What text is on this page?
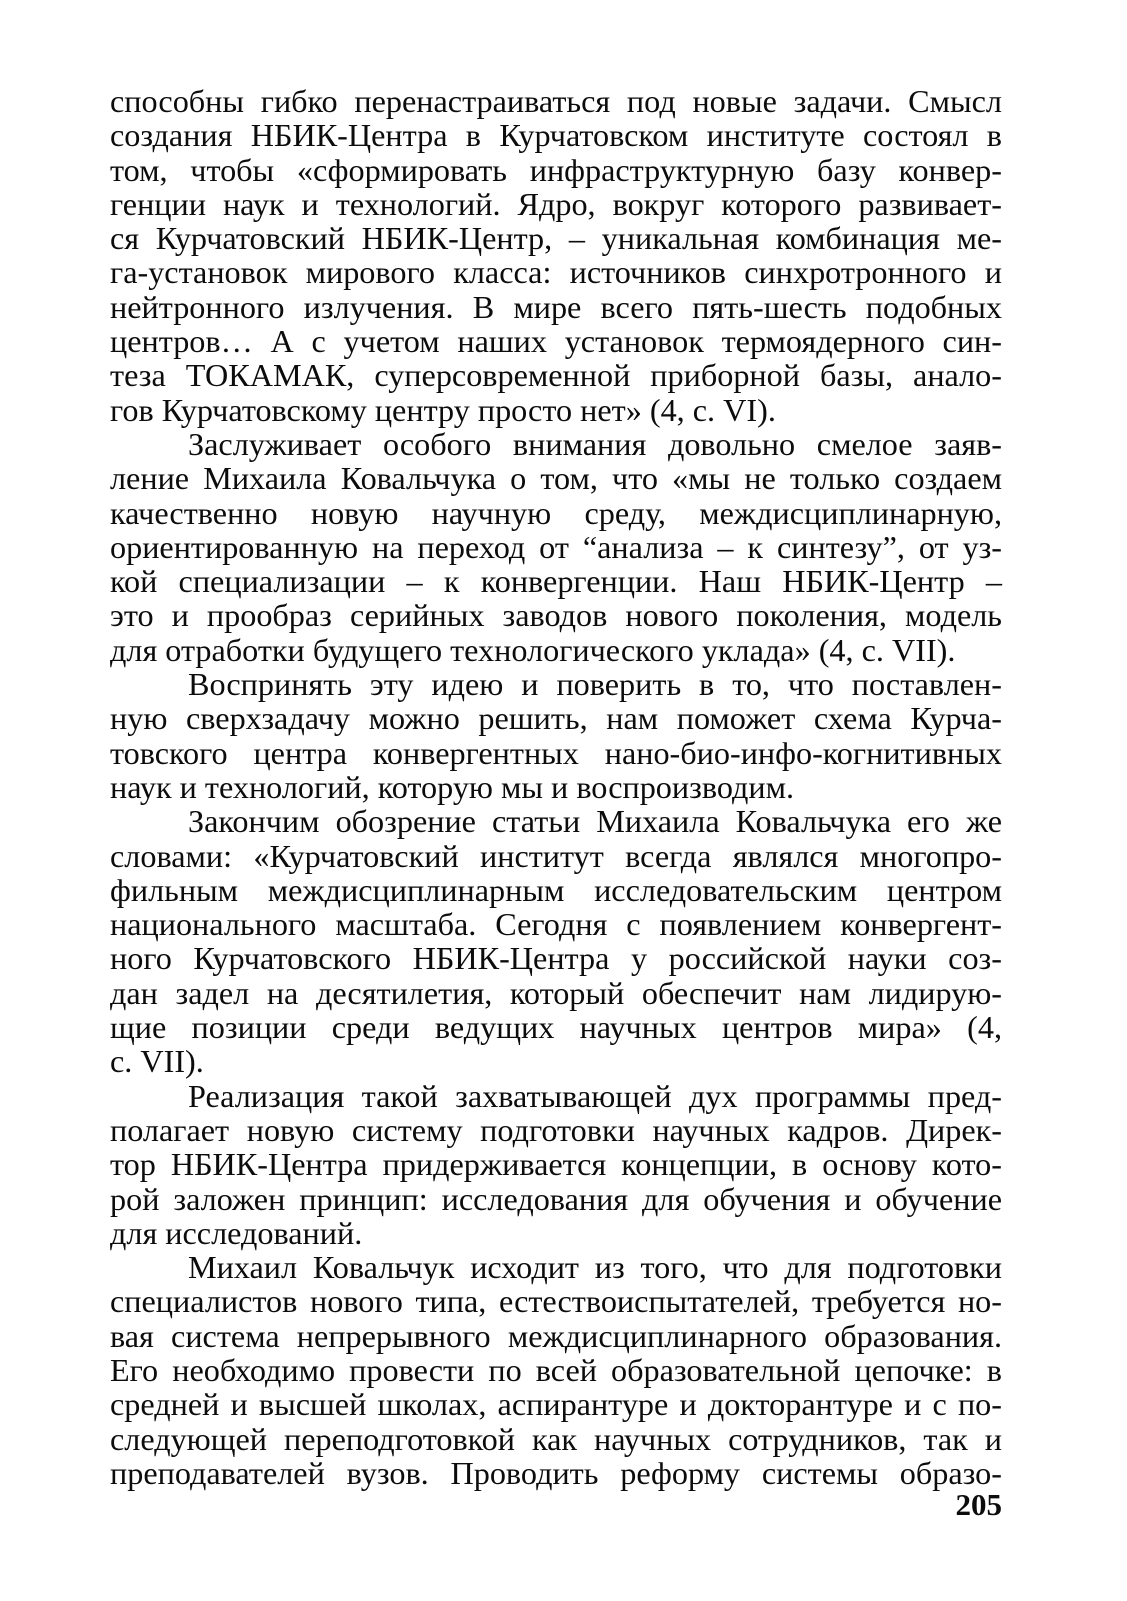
способны гибко перенастраиваться под новые задачи. Смысл
создания НБИК-Центра в Курчатовском институте состоял в
том, чтобы «сформировать инфраструктурную базу конвер-
генции наук и технологий. Ядро, вокруг которого развивает-
ся Курчатовский НБИК-Центр, – уникальная комбинация ме-
га-установок мирового класса: источников синхротронного и
нейтронного излучения. В мире всего пять-шесть подобных
центров… А с учетом наших установок термоядерного син-
теза ТОКАМАК, суперсовременной приборной базы, анало-
гов Курчатовскому центру просто нет» (4, с. VI).
Заслуживает особого внимания довольно смелое заяв-
ление Михаила Ковальчука о том, что «мы не только создаем
качественно новую научную среду, междисциплинарную,
ориентированную на переход от “анализа – к синтезу”, от уз-
кой специализации – к конвергенции. Наш НБИК-Центр –
это и прообраз серийных заводов нового поколения, модель
для отработки будущего технологического уклада» (4, с. VII).
Воспринять эту идею и поверить в то, что поставлен-
ную сверхзадачу можно решить, нам поможет схема Курча-
товского центра конвергентных нано-био-инфо-когнитивных
наук и технологий, которую мы и воспроизводим.
Закончим обозрение статьи Михаила Ковальчука его же
словами: «Курчатовский институт всегда являлся многопро-
фильным междисциплинарным исследовательским центром
национального масштаба. Сегодня с появлением конвергент-
ного Курчатовского НБИК-Центра у российской науки соз-
дан задел на десятилетия, который обеспечит нам лидирую-
щие позиции среди ведущих научных центров мира» (4,
с. VII).
Реализация такой захватывающей дух программы пред-
полагает новую систему подготовки научных кадров. Дирек-
тор НБИК-Центра придерживается концепции, в основу кото-
рой заложен принцип: исследования для обучения и обучение
для исследований.
Михаил Ковальчук исходит из того, что для подготовки
специалистов нового типа, естествоиспытателей, требуется но-
вая система непрерывного междисциплинарного образования.
Его необходимо провести по всей образовательной цепочке: в
средней и высшей школах, аспирантуре и докторантуре и с по-
следующей переподготовкой как научных сотрудников, так и
преподавателей вузов. Проводить реформу системы образо-
205
